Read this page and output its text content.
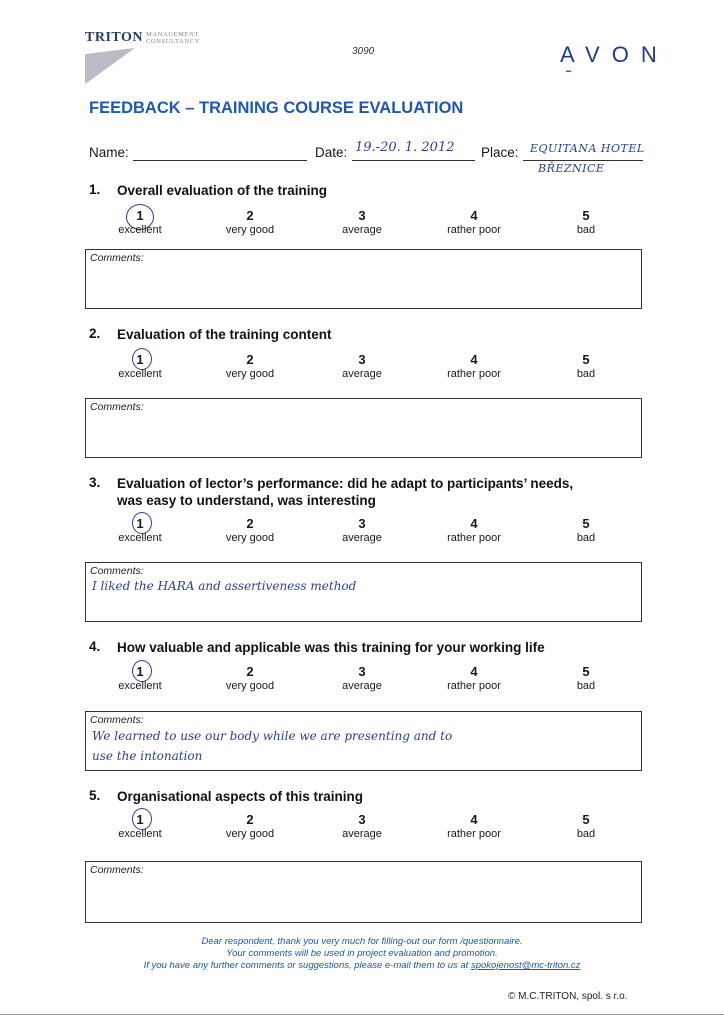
TRITON MANAGEMENT
CONSULTANCY
3090	AVON
▬
FEEDBACK – TRAINING COURSE EVALUATION
Name:	Date: 19.-20. 1. 2012 Place: EQUITANA HOTEL
BŘEZNICE
1. Overall evaluation of the training
1
excellent
2
very good
3
average
4
rather poor
5
bad
Comments:
2. Evaluation of the training content
1
excellent
2
very good
3
average
4
rather poor
5
bad
Comments:
3. Evaluation of lector’s performance: did he adapt to participants’ needs,
was easy to understand, was interesting
1
excellent
2
very good
3
average
4
rather poor
5
bad
Comments:
I liked the HARA and assertiveness method
4. How valuable and applicable was this training for your working life
1
excellent
2
very good
3
average
4
rather poor
5
bad
Comments:
We learned to use our body while we are presenting and to
use the intonation
5. Organisational aspects of this training
1
excellent
2
very good
3
average
4
rather poor
5
bad
Comments:
Dear respondent, thank you very much for filling-out our form /questionnaire.
Your comments will be used in project evaluation and promotion.
If you have any further comments or suggestions, please e-mail them to us at spokojenost@mc-triton.cz
© M.C.TRITON, spol. s r.o.
